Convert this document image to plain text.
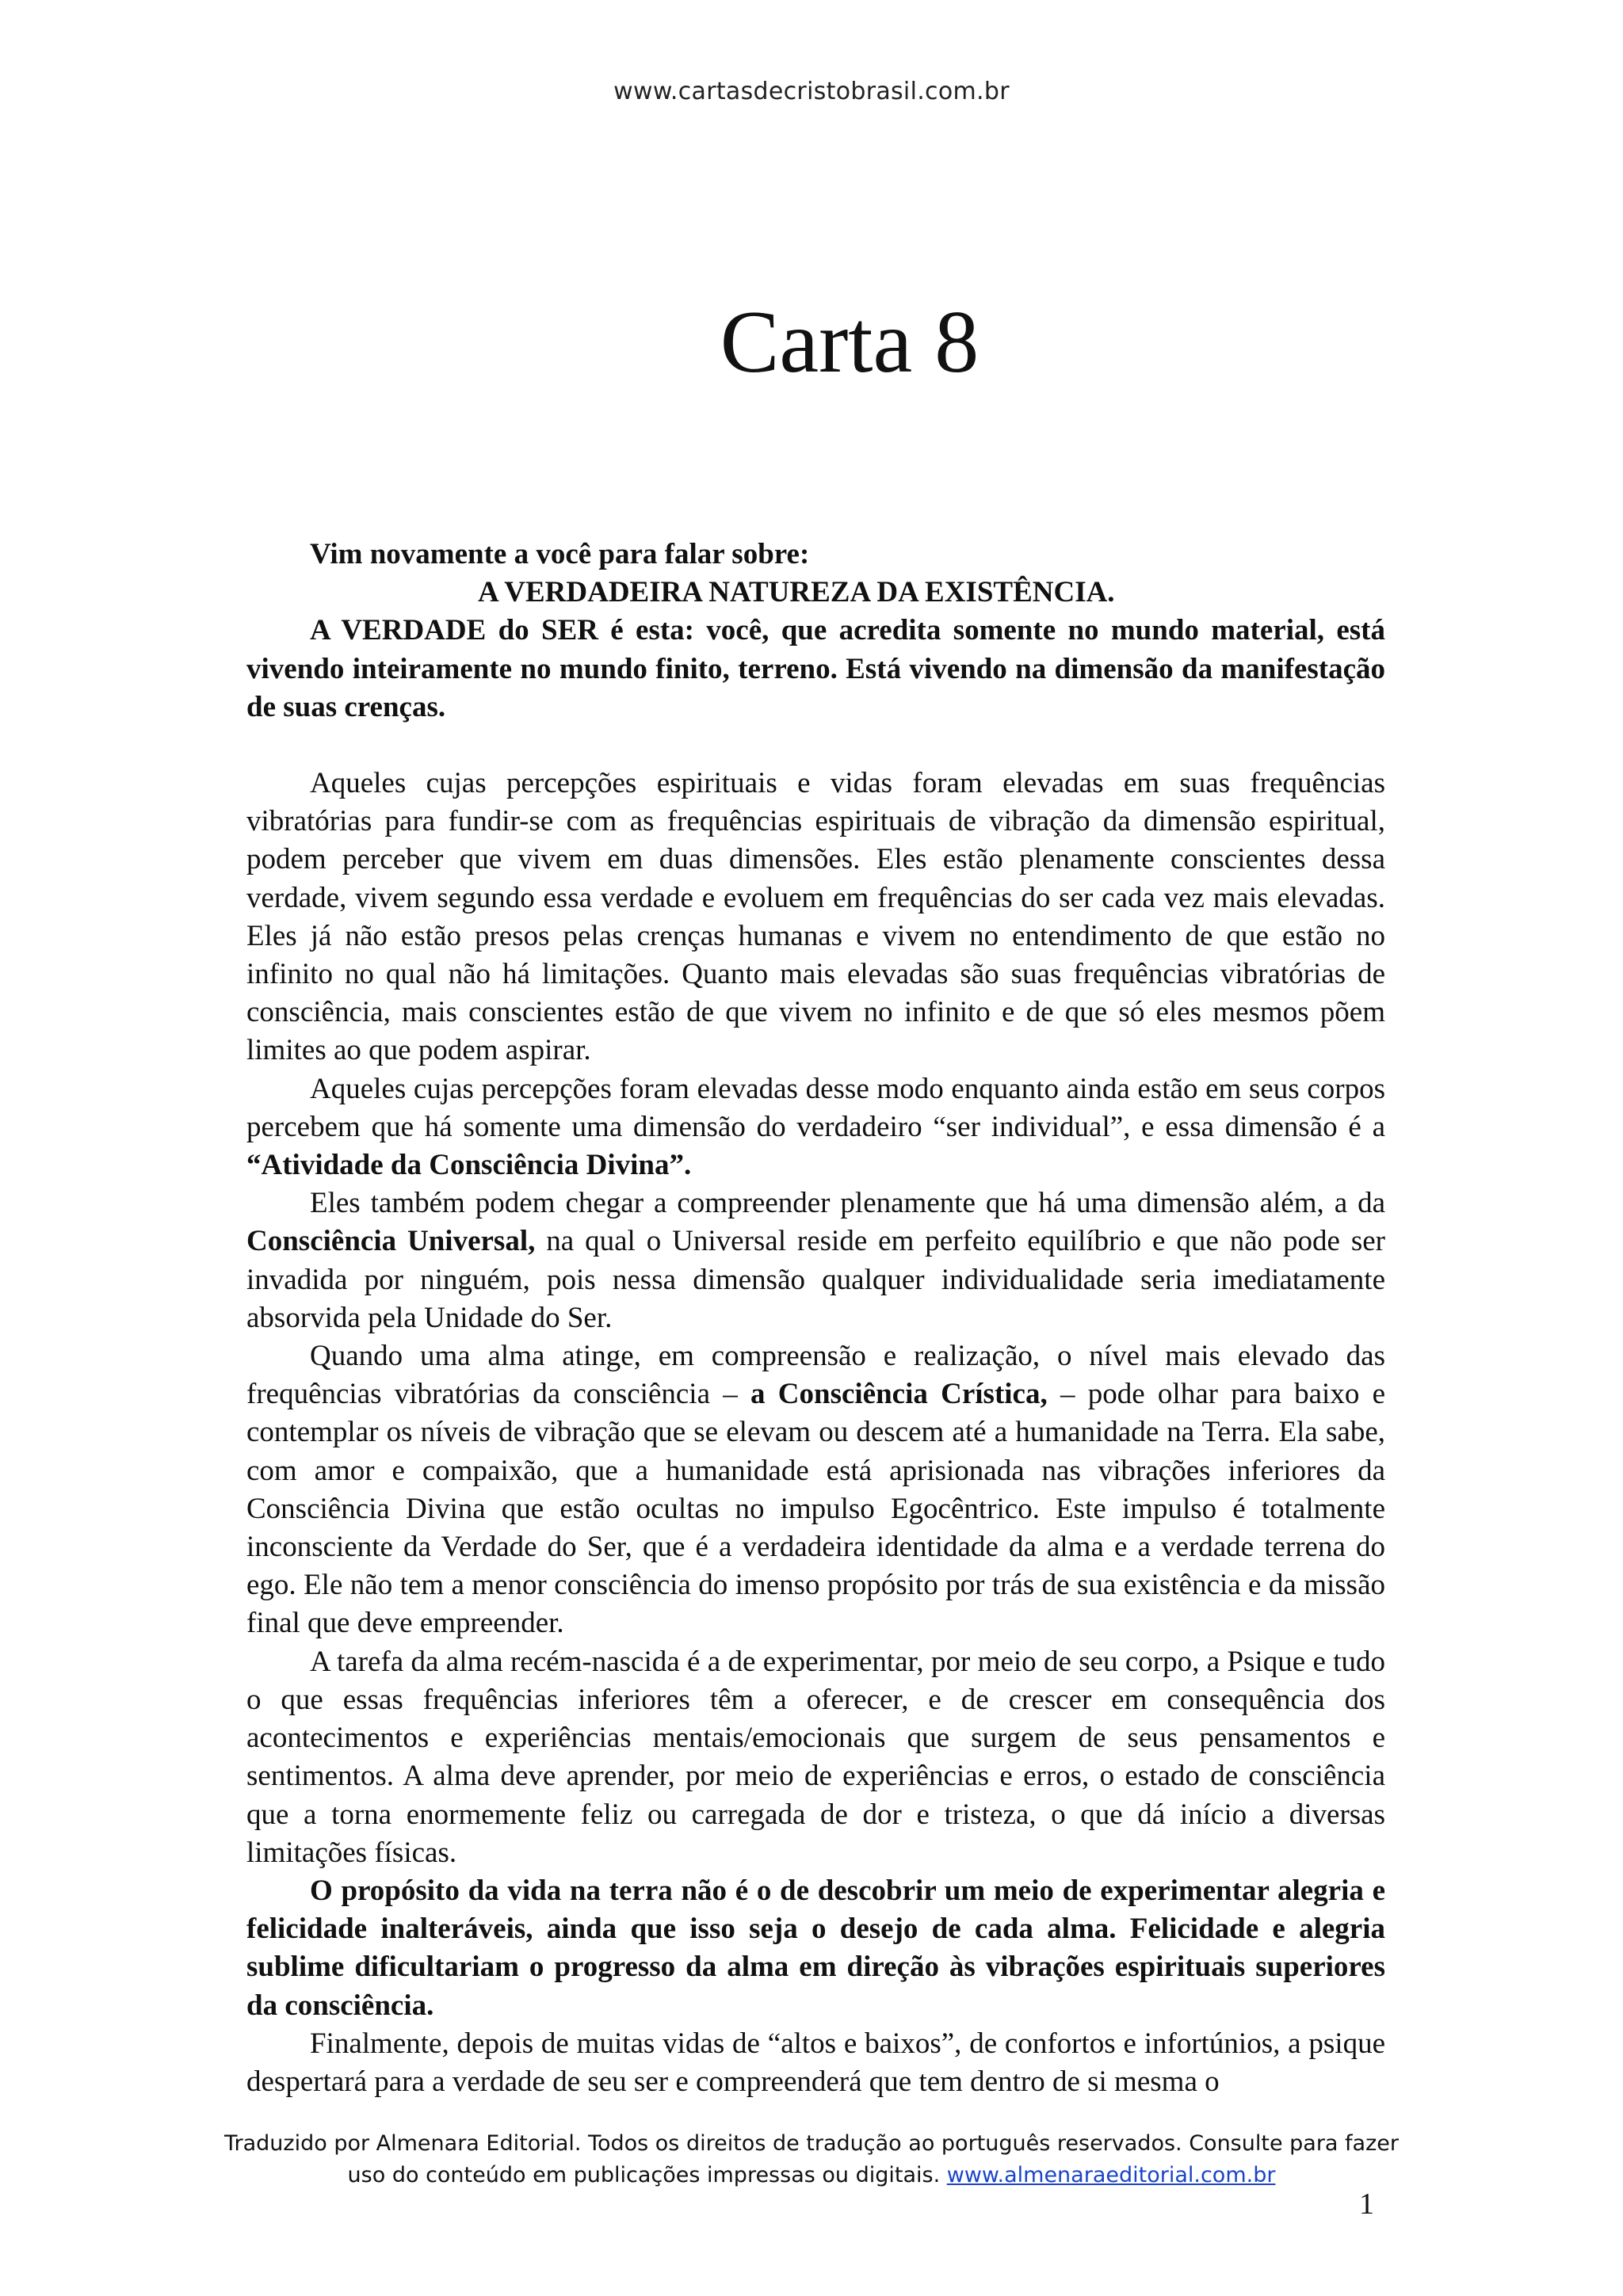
www.cartasdecristobrasil.com.br
Carta 8

Vim novamente a você para falar sobre:

A VERDADEIRA NATUREZA DA EXISTÊNCIA.

A VERDADE do SER é esta: você, que acredita somente no mundo material, está vivendo inteiramente no mundo finito, terreno. Está vivendo na dimensão da manifestação de suas crenças.

Aqueles cujas percepções espirituais e vidas foram elevadas em suas frequências vibratórias para fundir-se com as frequências espirituais de vibração da dimensão espiritual, podem perceber que vivem em duas dimensões. Eles estão plenamente conscientes dessa verdade, vivem segundo essa verdade e evoluem em frequências do ser cada vez mais elevadas. Eles já não estão presos pelas crenças humanas e vivem no entendimento de que estão no infinito no qual não há limitações. Quanto mais elevadas são suas frequências vibratórias de consciência, mais conscientes estão de que vivem no infinito e de que só eles mesmos põem limites ao que podem aspirar.

Aqueles cujas percepções foram elevadas desse modo enquanto ainda estão em seus corpos percebem que há somente uma dimensão do verdadeiro “ser individual”, e essa dimensão é a “Atividade da Consciência Divina”.

Eles também podem chegar a compreender plenamente que há uma dimensão além, a da Consciência Universal, na qual o Universal reside em perfeito equilíbrio e que não pode ser invadida por ninguém, pois nessa dimensão qualquer individualidade seria imediatamente absorvida pela Unidade do Ser.

Quando uma alma atinge, em compreensão e realização, o nível mais elevado das frequências vibratórias da consciência – a Consciência Crística, – pode olhar para baixo e contemplar os níveis de vibração que se elevam ou descem até a humanidade na Terra. Ela sabe, com amor e compaixão, que a humanidade está aprisionada nas vibrações inferiores da Consciência Divina que estão ocultas no impulso Egocêntrico. Este impulso é totalmente inconsciente da Verdade do Ser, que é a verdadeira identidade da alma e a verdade terrena do ego. Ele não tem a menor consciência do imenso propósito por trás de sua existência e da missão final que deve empreender.

A tarefa da alma recém-nascida é a de experimentar, por meio de seu corpo, a Psique e tudo o que essas frequências inferiores têm a oferecer, e de crescer em consequência dos acontecimentos e experiências mentais/emocionais que surgem de seus pensamentos e sentimentos. A alma deve aprender, por meio de experiências e erros, o estado de consciência que a torna enormemente feliz ou carregada de dor e tristeza, o que dá início a diversas limitações físicas.

O propósito da vida na terra não é o de descobrir um meio de experimentar alegria e felicidade inalteráveis, ainda que isso seja o desejo de cada alma. Felicidade e alegria sublime dificultariam o progresso da alma em direção às vibrações espirituais superiores da consciência.

Finalmente, depois de muitas vidas de “altos e baixos”, de confortos e infortúnios, a psique despertará para a verdade de seu ser e compreenderá que tem dentro de si mesma o

Traduzido por Almenara Editorial. Todos os direitos de tradução ao português reservados. Consulte para fazer
uso do conteúdo em publicações impressas ou digitais. www.almenaraeditorial.com.br
1
